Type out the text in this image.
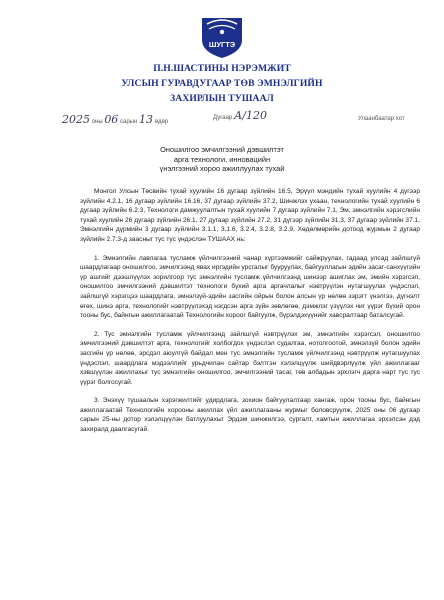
ШУГТЭ
П.Н.ШАСТИНЫ НЭРЭМЖИТ
УЛСЫН ГУРАВДУГААР ТӨВ ЭМНЭЛГИЙН
ЗАХИРЛЫН ТУШААЛ
2025 оны 06 сарын 13 өдөр
Дугаар А/120	Улаанбаатар хот
Оношилгоо эмчилгээний дэвшилтэт
арга технологи, инновацийн
үнэлгээний хороо ажиллуулах тухай

Монгол Улсын Төсвийн тухай хуулийн 16 дугаар зүйлийн 16.5, Эрүүл мэндийн тухай хуулийн 4 дүгээр зүйлийн 4.2.1, 16 дугаар зүйлийн 16.16, 37 дугаар зүйлийн 37.2, Шинжлэх ухаан, технологийн тухай хуулийн 6 дугаар зүйлийн 6.2.3, Технологи дамжуулалтын тухай хуулийн 7 дугаар зүйлийн 7.1, Эм, эмнэлгийн хэрэгслийн тухай хуулийн 26 дугаар зүйлийн 26.1, 27 дугаар зүйлийн 27.2, 31 дүгээр зүйлийн 31.3, 37 дугаар зүйлийн 37.1, Эмнэлгийн дүрмийн 3 дугаар зүйлийн 3.1.1, 3.1.6, 3.2.4, 3.2.8, 3.2.9, Хөдөлмөрийн дотоод журмын 2 дугаар зүйлийн 2.7.3-д заасныг тус тус үндэслэн ТУШААХ нь:

1. Эмнэлгийн лавлагаа тусламж үйлчилгээний чанар хүртээмжийг сайжруулах, гадаад улсад зайлшгүй шаардлагаар оношилгоо, эмчилгээнд явах иргэдийн урсгалыг бууруулах, байгууллагын эдийн засаг-санхүүгийн үр ашгийг дээшлүүлэх зорилгоор тус эмнэлгийн тусламж үйлчилгээнд шинээр ашиглах эм, эмийн хэрэгсэл, оношилгоо эмчилгээний дэвшилтэт технологи бүхий арга аргачлалыг нэвтрүүлэн нутагшуулах үндэслэл, зайлшгүй хэрэгцээ шаардлага, эмнэлзүй-эдийн засгийн ойрын болон алсын үр нөлөө зэрэгт үнэлгээ, дүгнэлт өгөх, шинэ арга, технологийг нэвтрүүлэхэд нэгдсэн арга зүйн зөвлөгөө, дэмжлэг үзүүлэх чиг үүрэг бүхий орон тооны бус, байнгын ажиллагаатай Технологийн хороог байгуулж, бүрэлдэхүүнийг хавсралтаар баталсугай.

2. Тус эмнэлгийн тусламж үйлчилгээнд зайлшгүй нэвтрүүлэх эм, эмнэлгийн хэрэгсэл, оношилгоо эмчилгээний дэвшилтэт арга, технологийг холбогдох үндэслэл судалгаа, нотолгоотой, эмнэлзүй болон эдийн засгийн үр нөлөө, эрсдэл аюулгүй байдал мен тус эмнэлгийн тусламж үйлчилгээнд нэвтрүүлж нутагшуулах үндэслэл, шаардлага мэдээллийг урьдчилан сайтар бэлтгэн хэлэлцүүлж шийдвэрлүүлж үйл ажиллагааг хэвшүүлэн ажиллахыг тус эмнэлгийн оношилгоо, эмчилгээний тасаг, төв албадын эрхлэгч дарга нарт тус тус үүрэг болгосугай.

3. Энэхүү тушаалын хэрэгжилтийг удирдлага, зохион байгуулалтаар хангаж, орон тооны бус, байнгын ажиллагаатай Технологийн хорооны ажиллах үйл ажиллагааны журмыг боловсруулж, 2025 оны 06 дугаар сарын 25-ны дотор хэлэлцүүлэн батлуулахыг Эрдэм шинжилгээ, сургалт, хамтын ажиллагаа эрхэлсэн дэд захиралд даалгасугай.
